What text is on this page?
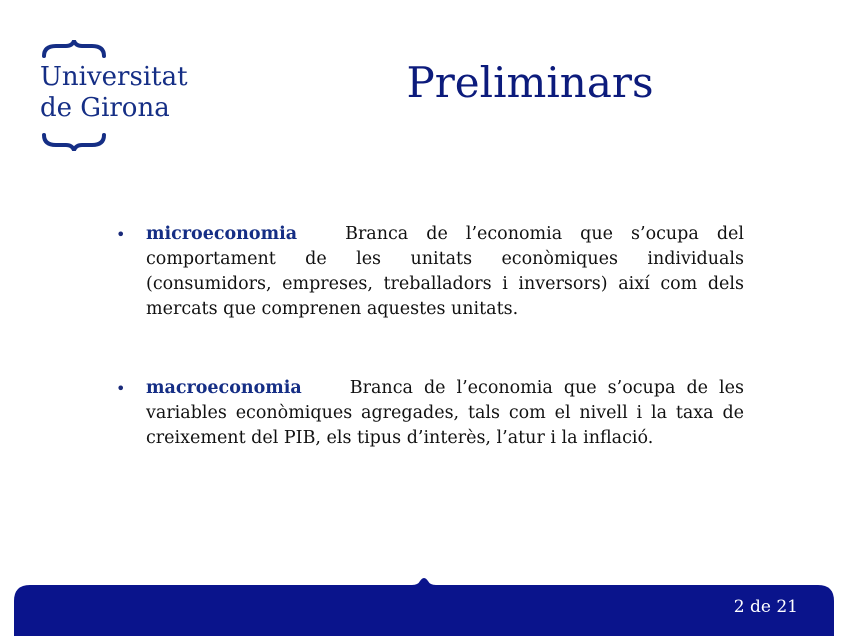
Universitat
de Girona
Preliminars
• microeconomia	Branca de l’economia que s’ocupa del comportament de les unitats econòmiques individuals (consumidors, empreses, treballadors i inversors) així com dels mercats que comprenen aquestes unitats.
• macroeconomia	Branca de l’economia que s’ocupa de les variables econòmiques agregades, tals com el nivell i la taxa de creixement del PIB, els tipus d’interès, l’atur i la inflació.
2 de 21
